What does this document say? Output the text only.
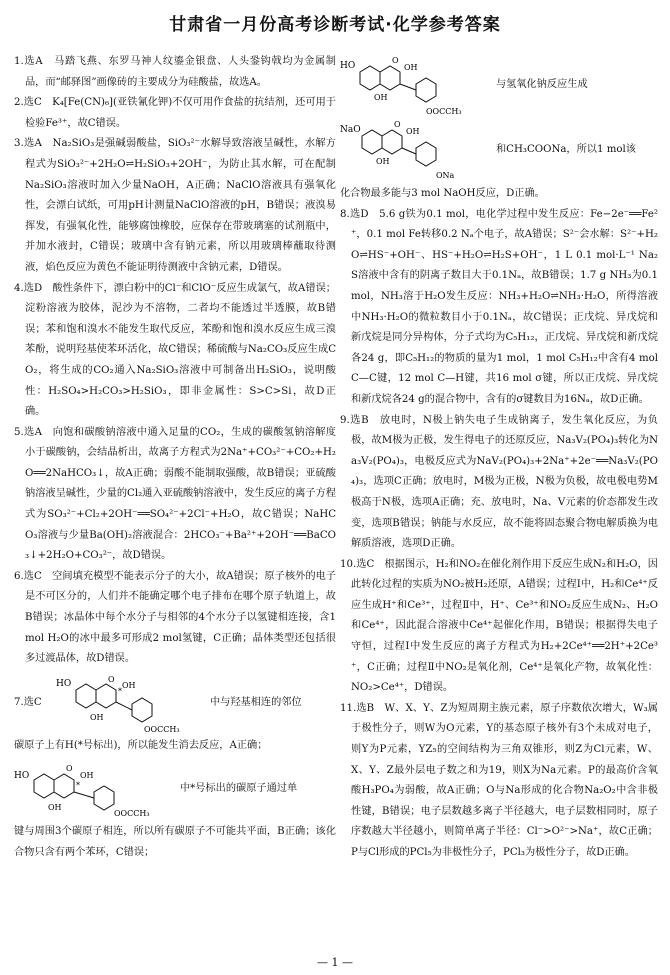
甘肃省一月份高考诊断考试·化学参考答案

1.选A　马踏飞燕、东罗马神人纹鎏金银盘、人头銎钩戟均为金属制品，而“邮驿图”画像砖的主要成分为硅酸盐，故选A。

2.选C　K₄[Fe(CN)₆](亚铁氰化钾)不仅可用作食盐的抗结剂，还可用于检验Fe³⁺，故C错误。

3.选A　Na₂SiO₃是强碱弱酸盐，SiO₃²⁻水解导致溶液呈碱性，水解方程式为SiO₃²⁻+2H₂O⇌H₂SiO₃+2OH⁻，为防止其水解，可在配制Na₂SiO₃溶液时加入少量NaOH，A正确；NaClO溶液具有强氧化性，会漂白试纸，可用pH计测量NaClO溶液的pH，B错误；液溴易挥发，有强氧化性，能够腐蚀橡胶，应保存在带玻璃塞的试剂瓶中，并加水液封，C错误；玻璃中含有钠元素，所以用玻璃棒蘸取待测液，焰色反应为黄色不能证明待测液中含钠元素，D错误。

4.选D　酸性条件下，漂白粉中的Cl⁻和ClO⁻反应生成氯气，故A错误；淀粉溶液为胶体，泥沙为不溶物，二者均不能透过半透膜，故B错误；苯和饱和溴水不能发生取代反应，苯酚和饱和溴水反应生成三溴苯酚，说明羟基使苯环活化，故C错误；稀硫酸与Na₂CO₃反应生成CO₂，将生成的CO₂通入Na₂SiO₃溶液中可制备出H₂SiO₃，说明酸性：H₂SO₄>H₂CO₃>H₂SiO₃，即非金属性：S>C>Si，故D正确。

5.选A　向饱和碳酸钠溶液中通入足量的CO₂，生成的碳酸氢钠溶解度小于碳酸钠，会结晶析出，故离子方程式为2Na⁺+CO₃²⁻+CO₂+H₂O══2NaHCO₃↓，故A正确；弱酸不能制取强酸，故B错误；亚硫酸钠溶液呈碱性，少量的Cl₂通入亚硫酸钠溶液中，发生反应的离子方程式为SO₃²⁻+Cl₂+2OH⁻══SO₄²⁻+2Cl⁻+H₂O，故C错误；NaHCO₃溶液与少量Ba(OH)₂溶液混合：2HCO₃⁻+Ba²⁺+2OH⁻══BaCO₃↓+2H₂O+CO₃²⁻，故D错误。

6.选C　空间填充模型不能表示分子的大小，故A错误；原子核外的电子是不可区分的，人们并不能确定哪个电子排布在哪个原子轨道上，故B错误；冰晶体中每个水分子与相邻的4个水分子以氢键相连接，含1 mol H₂O的冰中最多可形成2 mol氢键，C正确；晶体类型还包括很多过渡晶体，故D错误。

7.选C
HO	O
*
OH
OH
OOCCH₃
中与羟基相连的邻位

碳原子上有H(*号标出)，所以能发生消去反应，A正确；

HO
O
*
OH
OH
OOCCH₃
中*号标出的碳原子通过单

键与周围3个碳原子相连，所以所有碳原子不可能共平面，B正确；该化合物只含有两个苯环，C错误；

HO
O
OH
OH
OOCCH₃
与氢氧化钠反应生成
NaO
O
OH
OH
ONa
和CH₃COONa，所以1 mol该

化合物最多能与3 mol NaOH反应，D正确。

8.选D　5.6 g铁为0.1 mol，电化学过程中发生反应：Fe−2e⁻══Fe²⁺，0.1 mol Fe转移0.2 Nₐ个电子，故A错误；S²⁻会水解：S²⁻+H₂O⇌HS⁻+OH⁻、HS⁻+H₂O⇌H₂S+OH⁻，1 L 0.1 mol·L⁻¹ Na₂S溶液中含有的阴离子数目大于0.1Nₐ，故B错误；1.7 g NH₃为0.1 mol，NH₃溶于H₂O发生反应：NH₃+H₂O⇌NH₃·H₂O，所得溶液中NH₃·H₂O的微粒数目小于0.1Nₐ，故C错误；正戊烷、异戊烷和新戊烷是同分异构体，分子式均为C₅H₁₂，正戊烷、异戊烷和新戊烷各24 g，即C₅H₁₂的物质的量为1 mol，1 mol C₅H₁₂中含有4 mol C—C键，12 mol C—H键，共16 mol σ键，所以正戊烷、异戊烷和新戊烷各24 g的混合物中，含有的σ键数目为16Nₐ，故D正确。

9.选B　放电时，N极上钠失电子生成钠离子，发生氧化反应，为负极，故M极为正极，发生得电子的还原反应，Na₃V₂(PO₄)₃转化为Na₃V₂(PO₄)₃，电极反应式为NaV₂(PO₄)₃+2Na⁺+2e⁻══Na₃V₂(PO₄)₃，选项C正确；放电时，M极为正极，N极为负极，故电极电势M极高于N极，选项A正确；充、放电时，Na、V元素的价态都发生改变，选项B错误；钠能与水反应，故不能将固态聚合物电解质换为电解质溶液，选项D正确。

10.选C　根据图示，H₂和NO₂在催化剂作用下反应生成N₂和H₂O，因此转化过程的实质为NO₂被H₂还原，A错误；过程Ⅰ中，H₂和Ce⁴⁺反应生成H⁺和Ce³⁺，过程Ⅱ中，H⁺、Ce³⁺和NO₂反应生成N₂、H₂O和Ce⁴⁺，因此混合溶液中Ce⁴⁺起催化作用，B错误；根据得失电子守恒，过程Ⅰ中发生反应的离子方程式为H₂+2Ce⁴⁺══2H⁺+2Ce³⁺，C正确；过程Ⅱ中NO₂是氧化剂，Ce⁴⁺是氧化产物，故氧化性：NO₂>Ce⁴⁺，D错误。

11.选B　W、X、Y、Z为短周期主族元素，原子序数依次增大，W₃属于极性分子，则W为O元素，Y的基态原子核外有3个未成对电子，则Y为P元素，YZ₅的空间结构为三角双锥形，则Z为Cl元素，W、X、Y、Z最外层电子数之和为19，则X为Na元素。P的最高价含氧酸H₃PO₄为弱酸，故A正确；O与Na形成的化合物Na₂O₂中含非极性键，B错误；电子层数越多离子半径越大，电子层数相同时，原子序数越大半径越小，则简单离子半径：Cl⁻>O²⁻>Na⁺，故C正确；P与Cl形成的PCl₅为非极性分子，PCl₃为极性分子，故D正确。

— 1 —
